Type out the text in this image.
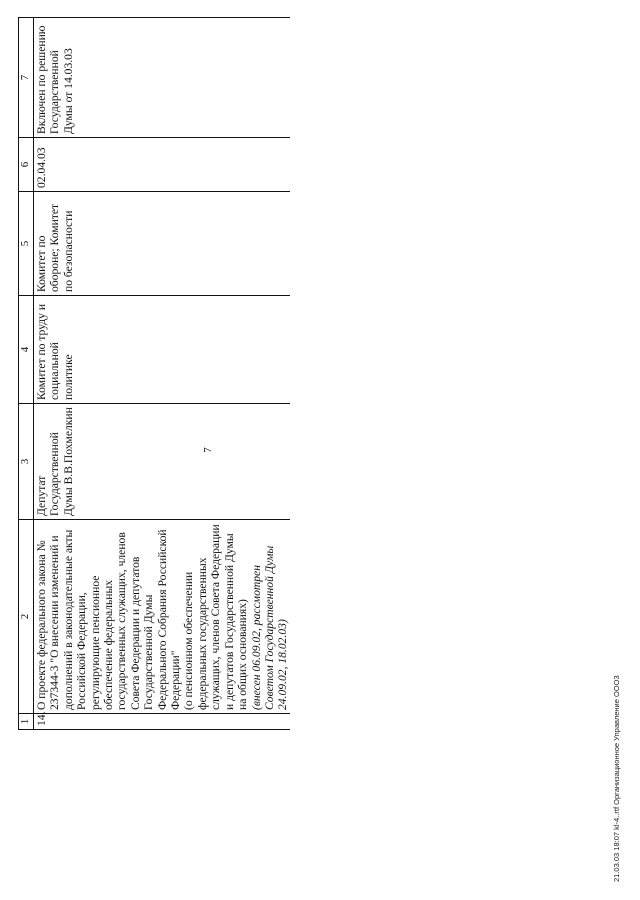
7
1	2	3	4	5	6	7
14.	О проекте федерального закона № 237344-3 "О внесении изменений и дополнений в законодательные акты Российской Федерации, регулирующие пенсионное обеспечение федеральных государственных служащих, членов Совета Федерации и депутатов Государственной Думы Федерального Собрания Российской Федерации" (о пенсионном обеспечении федеральных государственных служащих, членов Совета Федерации и депутатов Государственной Думы на общих основаниях) (внесен 06.09.02, рассмотрен Советом Государственной Думы 24.09.02, 18.02.03)	Депутат Государственной Думы В.В.Похмелкин	Комитет по труду и социальной политике	Комитет по обороне; Комитет по безопасности	02.04.03	Включен по решению Государственной Думы от 14.03.03
21.03.03 18:07 kl-4..rtf Организационное Управление ООО3
